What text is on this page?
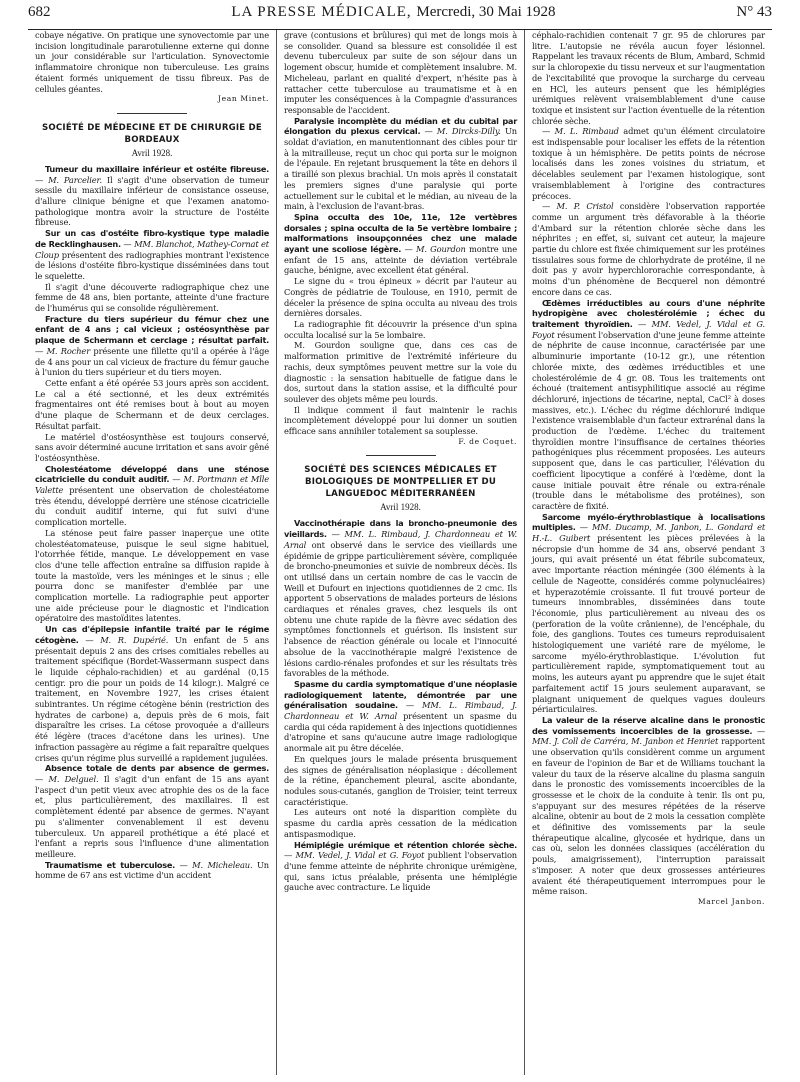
682	LA PRESSE MÉDICALE, Mercredi, 30 Mai 1928	N° 43

cobaye négative. On pratique une synovectomie par une incision longitudinale pararotulienne externe qui donne un jour considérable sur l'articulation. Synovectomie inflammatoire chronique non tuberculeuse. Les grains étaient formés uniquement de tissu fibreux. Pas de cellules géantes.

Jean Minet.

SOCIÉTÉ DE MÉDECINE ET DE CHIRURGIE DE BORDEAUX
Avril 1928.

Tumeur du maxillaire inférieur et ostéite fibreuse. — M. Parcelier. Il s'agit d'une observation de tumeur sessile du maxillaire inférieur de consistance osseuse, d'allure clinique bénigne et que l'examen anatomo-pathologique montra avoir la structure de l'ostéite fibreuse.

Sur un cas d'ostéite fibro-kystique type maladie de Recklinghausen. — MM. Blanchot, Mathey-Cornat et Cloup présentent des radiographies montrant l'existence de lésions d'ostéite fibro-kystique disséminées dans tout le squelette.

Il s'agit d'une découverte radiographique chez une femme de 48 ans, bien portante, atteinte d'une fracture de l'humérus qui se consolide régulièrement.

Fracture du tiers supérieur du fémur chez une enfant de 4 ans ; cal vicieux ; ostéosynthèse par plaque de Schermann et cerclage ; résultat parfait. — M. Rocher présente une fillette qu'il a opérée à l'âge de 4 ans pour un cal vicieux de fracture du fémur gauche à l'union du tiers supérieur et du tiers moyen.

Cette enfant a été opérée 53 jours après son accident. Le cal a été sectionné, et les deux extrémités fragmentaires ont été remises bout à bout au moyen d'une plaque de Schermann et de deux cerclages. Résultat parfait.

Le matériel d'ostéosynthèse est toujours conservé, sans avoir déterminé aucune irritation et sans avoir gêné l'ostéosynthèse.

Cholestéatome développé dans une sténose cicatricielle du conduit auditif. — M. Portmann et Mlle Valette présentent une observation de cholestéatome très étendu, développé derrière une sténose cicatricielle du conduit auditif interne, qui fut suivi d'une complication mortelle.

La sténose peut faire passer inaperçue une otite cholestéatomateuse, puisque le seul signe habituel, l'otorrhée fétide, manque. Le développement en vase clos d'une telle affection entraîne sa diffusion rapide à toute la mastoïde, vers les méninges et le sinus ; elle pourra donc se manifester d'emblée par une complication mortelle. La radiographie peut apporter une aide précieuse pour le diagnostic et l'indication opératoire des mastoïdites latentes.

Un cas d'épilepsie infantile traité par le régime cétogène. — M. R. Dupérié. Un enfant de 5 ans présentait depuis 2 ans des crises comitiales rebelles au traitement spécifique (Bordet-Wassermann suspect dans le liquide céphalo-rachidien) et au gardénal (0,15 centigr. pro die pour un poids de 14 kilogr.). Malgré ce traitement, en Novembre 1927, les crises étaient subintrantes. Un régime cétogène bénin (restriction des hydrates de carbone) a, depuis près de 6 mois, fait disparaître les crises. La cétose provoquée a d'ailleurs été légère (traces d'acétone dans les urines). Une infraction passagère au régime a fait reparaître quelques crises qu'un régime plus surveillé a rapidement jugulées.

Absence totale de dents par absence de germes. — M. Delguel. Il s'agit d'un enfant de 15 ans ayant l'aspect d'un petit vieux avec atrophie des os de la face et, plus particulièrement, des maxillaires. Il est complètement édenté par absence de germes. N'ayant pu s'alimenter convenablement il est devenu tuberculeux. Un appareil prothétique a été placé et l'enfant a repris sous l'influence d'une alimentation meilleure.

Traumatisme et tuberculose. — M. Micheleau. Un homme de 67 ans est victime d'un accident

grave (contusions et brûlures) qui met de longs mois à se consolider. Quand sa blessure est consolidée il est devenu tuberculeux par suite de son séjour dans un logement obscur, humide et complètement insalubre. M. Micheleau, parlant en qualité d'expert, n'hésite pas à rattacher cette tuberculose au traumatisme et à en imputer les conséquences à la Compagnie d'assurances responsable de l'accident.

Paralysie incomplète du médian et du cubital par élongation du plexus cervical. — M. Dircks-Dilly. Un soldat d'aviation, en manutentionnant des cibles pour tir à la mitrailleuse, reçut un choc qui porta sur le moignon de l'épaule. En rejetant brusquement la tête en dehors il a tiraillé son plexus brachial. Un mois après il constatait les premiers signes d'une paralysie qui porte actuellement sur le cubital et le médian, au niveau de la main, à l'exclusion de l'avant-bras.

Spina occulta des 10e, 11e, 12e vertèbres dorsales ; spina occulta de la 5e vertèbre lombaire ; malformations insoupçonnées chez une malade ayant une scoliose légère. — M. Gourdon montre une enfant de 15 ans, atteinte de déviation vertébrale gauche, bénigne, avec excellent état général.

Le signe du « trou épineux » décrit par l'auteur au Congrès de pédiatrie de Toulouse, en 1910, permit de déceler la présence de spina occulta au niveau des trois dernières dorsales.

La radiographie fit découvrir la présence d'un spina occulta localisé sur la 5e lombaire.

M. Gourdon souligne que, dans ces cas de malformation primitive de l'extrémité inférieure du rachis, deux symptômes peuvent mettre sur la voie du diagnostic : la sensation habituelle de fatigue dans le dos, surtout dans la station assise, et la difficulté pour soulever des objets même peu lourds.

Il indique comment il faut maintenir le rachis incomplètement développé pour lui donner un soutien efficace sans annihiler totalement sa souplesse.

F. de Coquet.

SOCIÉTÉ DES SCIENCES MÉDICALES ET BIOLOGIQUES DE MONTPELLIER ET DU LANGUEDOC MÉDITERRANÉEN
Avril 1928.

Vaccinothérapie dans la broncho-pneumonie des vieillards. — MM. L. Rimbaud, J. Chardonneau et W. Arnal ont observé dans le service des vieillards une épidémie de grippe particulièrement sévère, compliquée de broncho-pneumonies et suivie de nombreux décès. Ils ont utilisé dans un certain nombre de cas le vaccin de Weill et Dufourt en injections quotidiennes de 2 cmc. Ils apportent 5 observations de malades porteurs de lésions cardiaques et rénales graves, chez lesquels ils ont obtenu une chute rapide de la fièvre avec sédation des symptômes fonctionnels et guérison. Ils insistent sur l'absence de réaction générale ou locale et l'innocuité absolue de la vaccinothérapie malgré l'existence de lésions cardio-rénales profondes et sur les résultats très favorables de la méthode.

Spasme du cardia symptomatique d'une néoplasie radiologiquement latente, démontrée par une généralisation soudaine. — MM. L. Rimbaud, J. Chardonneau et W. Arnal présentent un spasme du cardia qui céda rapidement à des injections quotidiennes d'atropine et sans qu'aucune autre image radiologique anormale ait pu être décelée.

En quelques jours le malade présenta brusquement des signes de généralisation néoplasique : décollement de la rétine, épanchement pleural, ascite abondante, nodules sous-cutanés, ganglion de Troisier, teint terreux caractéristique.

Les auteurs ont noté la disparition complète du spasme du cardia après cessation de la médication antispasmodique.

Hémiplégie urémique et rétention chlorée sèche. — MM. Vedel, J. Vidal et G. Foyot publient l'observation d'une femme atteinte de néphrite chronique urémigène, qui, sans ictus préalable, présenta une hémiplégie gauche avec contracture. Le liquide

céphalo-rachidien contenait 7 gr. 95 de chlorures par litre. L'autopsie ne révéla aucun foyer lésionnel. Rappelant les travaux récents de Blum, Ambard, Schmid sur la chloropexie du tissu nerveux et sur l'augmentation de l'excitabilité que provoque la surcharge du cerveau en HCl, les auteurs pensent que les hémiplégies urémiques relèvent vraisemblablement d'une cause toxique et insistent sur l'action éventuelle de la rétention chlorée sèche.

— M. L. Rimbaud admet qu'un élément circulatoire est indispensable pour localiser les effets de la rétention toxique à un hémisphère. De petits points de nécrose localisés dans les zones voisines du striatum, et décelables seulement par l'examen histologique, sont vraisemblablement à l'origine des contractures précoces.

— M. P. Cristol considère l'observation rapportée comme un argument très défavorable à la théorie d'Ambard sur la rétention chlorée sèche dans les néphrites ; en effet, si, suivant cet auteur, la majeure partie du chlore est fixée chimiquement sur les protéines tissulaires sous forme de chlorhydrate de protéine, il ne doit pas y avoir hyperchlororachie correspondante, à moins d'un phénomène de Becquerel non démontré encore dans ce cas.

Œdèmes irréductibles au cours d'une néphrite hydropigène avec cholestérolémie ; échec du traitement thyroïdien. — MM. Vedel, J. Vidal et G. Foyot résument l'observation d'une jeune femme atteinte de néphrite de cause inconnue, caractérisée par une albuminurie importante (10-12 gr.), une rétention chlorée mixte, des œdèmes irréductibles et une cholestérolémie de 4 gr. 08. Tous les traitements ont échoué (traitement antisyphilitique associé au régime déchloruré, injections de técarine, neptal, CaCl² à doses massives, etc.). L'échec du régime déchloruré indique l'existence vraisemblable d'un facteur extrarénal dans la production de l'œdème. L'échec du traitement thyroïdien montre l'insuffisance de certaines théories pathogéniques plus récemment proposées. Les auteurs supposent que, dans le cas particulier, l'élévation du coefficient lipocytique a conféré à l'œdème, dont la cause initiale pouvait être rénale ou extra-rénale (trouble dans le métabolisme des protéines), son caractère de fixité.

Sarcome myélo-érythroblastique à localisations multiples. — MM. Ducamp, M. Janbon, L. Gondard et H.-L. Guibert présentent les pièces prélevées à la nécropsie d'un homme de 34 ans, observé pendant 3 jours, qui avait présenté un état fébrile subcomateux, avec importante réaction méningée (300 éléments à la cellule de Nageotte, considérés comme polynucléaires) et hyperazotémie croissante. Il fut trouvé porteur de tumeurs innombrables, disséminées dans toute l'économie, plus particulièrement au niveau des os (perforation de la voûte crânienne), de l'encéphale, du foie, des ganglions. Toutes ces tumeurs reproduisaient histologiquement une variété rare de myélome, le sarcome myélo-érythroblastique. L'évolution fut particulièrement rapide, symptomatiquement tout au moins, les auteurs ayant pu apprendre que le sujet était parfaitement actif 15 jours seulement auparavant, se plaignant uniquement de quelques vagues douleurs périarticulaires.

La valeur de la réserve alcaline dans le pronostic des vomissements incoercibles de la grossesse. — MM. J. Coll de Carréra, M. Janbon et Henriet rapportent une observation qu'ils considèrent comme un argument en faveur de l'opinion de Bar et de Williams touchant la valeur du taux de la réserve alcaline du plasma sanguin dans le pronostic des vomissements incoercibles de la grossesse et le choix de la conduite à tenir. Ils ont pu, s'appuyant sur des mesures répétées de la réserve alcaline, obtenir au bout de 2 mois la cessation complète et définitive des vomissements par la seule thérapeutique alcaline, glycosée et hydrique, dans un cas où, selon les données classiques (accélération du pouls, amaigrissement), l'interruption paraissait s'imposer. A noter que deux grossesses antérieures avaient été thérapeutiquement interrompues pour le même raison.

Marcel Janbon.
